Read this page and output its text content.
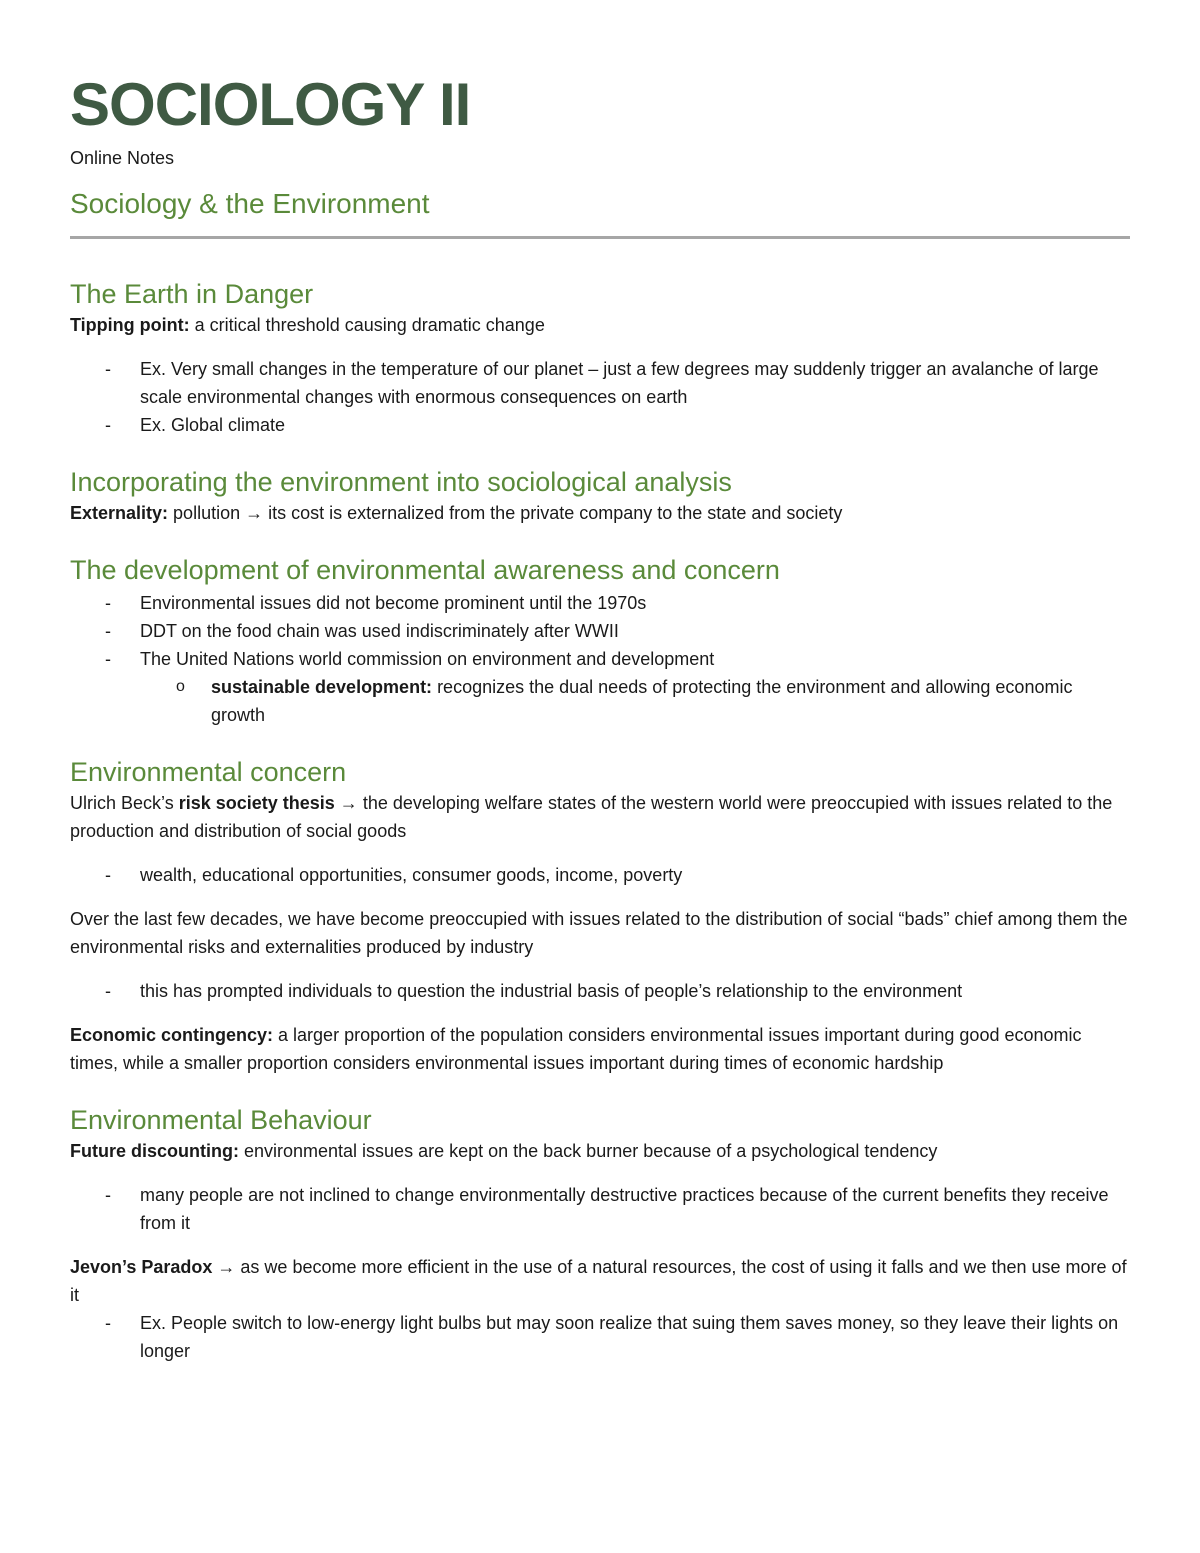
SOCIOLOGY II
Online Notes
Sociology & the Environment
The Earth in Danger

Tipping point: a critical threshold causing dramatic change

- Ex. Very small changes in the temperature of our planet – just a few degrees may suddenly trigger an avalanche of large scale environmental changes with enormous consequences on earth
- Ex. Global climate
Incorporating the environment into sociological analysis

Externality: pollution → its cost is externalized from the private company to the state and society

The development of environmental awareness and concern
- Environmental issues did not become prominent until the 1970s
- DDT on the food chain was used indiscriminately after WWII
- The United Nations world commission on environment and development
o sustainable development: recognizes the dual needs of protecting the environment and allowing economic growth
Environmental concern

Ulrich Beck’s risk society thesis → the developing welfare states of the western world were preoccupied with issues related to the production and distribution of social goods

- wealth, educational opportunities, consumer goods, income, poverty

Over the last few decades, we have become preoccupied with issues related to the distribution of social “bads” chief among them the environmental risks and externalities produced by industry

- this has prompted individuals to question the industrial basis of people’s relationship to the environment

Economic contingency: a larger proportion of the population considers environmental issues important during good economic times, while a smaller proportion considers environmental issues important during times of economic hardship

Environmental Behaviour

Future discounting: environmental issues are kept on the back burner because of a psychological tendency

- many people are not inclined to change environmentally destructive practices because of the current benefits they receive from it

Jevon’s Paradox → as we become more efficient in the use of a natural resources, the cost of using it falls and we then use more of it

- Ex. People switch to low-energy light bulbs but may soon realize that suing them saves money, so they leave their lights on longer
